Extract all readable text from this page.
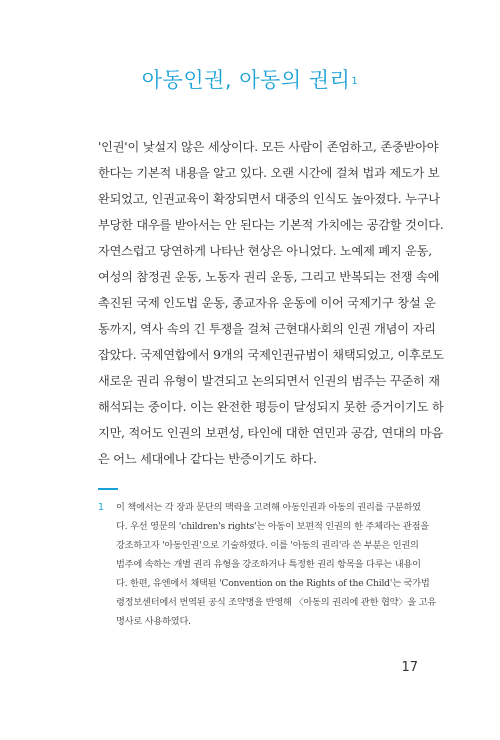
아동인권, 아동의 권리$^1$
'인권'이 낯설지 않은 세상이다. 모든 사람이 존엄하고, 존중받아야
한다는 기본적 내용을 알고 있다. 오랜 시간에 걸쳐 법과 제도가 보
완되었고, 인권교육이 확장되면서 대중의 인식도 높아졌다. 누구나
부당한 대우를 받아서는 안 된다는 기본적 가치에는 공감할 것이다.
자연스럽고 당연하게 나타난 현상은 아니었다. 노예제 폐지 운동,
여성의 참정권 운동, 노동자 권리 운동, 그리고 반복되는 전쟁 속에
촉진된 국제 인도법 운동, 종교자유 운동에 이어 국제기구 창설 운
동까지, 역사 속의 긴 투쟁을 걸쳐 근현대사회의 인권 개념이 자리
잡았다. 국제연합에서 9개의 국제인권규범이 채택되었고, 이후로도
새로운 권리 유형이 발견되고 논의되면서 인권의 범주는 꾸준히 재
해석되는 중이다. 이는 완전한 평등이 달성되지 못한 증거이기도 하
지만, 적어도 인권의 보편성, 타인에 대한 연민과 공감, 연대의 마음
은 어느 세대에나 같다는 반증이기도 하다.
1 이 책에서는 각 장과 문단의 맥락을 고려해 아동인권과 아동의 권리를 구분하였
다. 우선 영문의 'children's rights'는 아동이 보편적 인권의 한 주체라는 관점을
강조하고자 '아동인권'으로 기술하였다. 이를 '아동의 권리'라 쓴 부분은 인권의
범주에 속하는 개별 권리 유형을 강조하거나 특정한 권리 항목을 다루는 내용이
다. 한편, 유엔에서 채택된 'Convention on the Rights of the Child'는 국가법
령정보센터에서 번역된 공식 조약명을 반영해 〈아동의 권리에 관한 협약〉을 고유
명사로 사용하였다.
17
